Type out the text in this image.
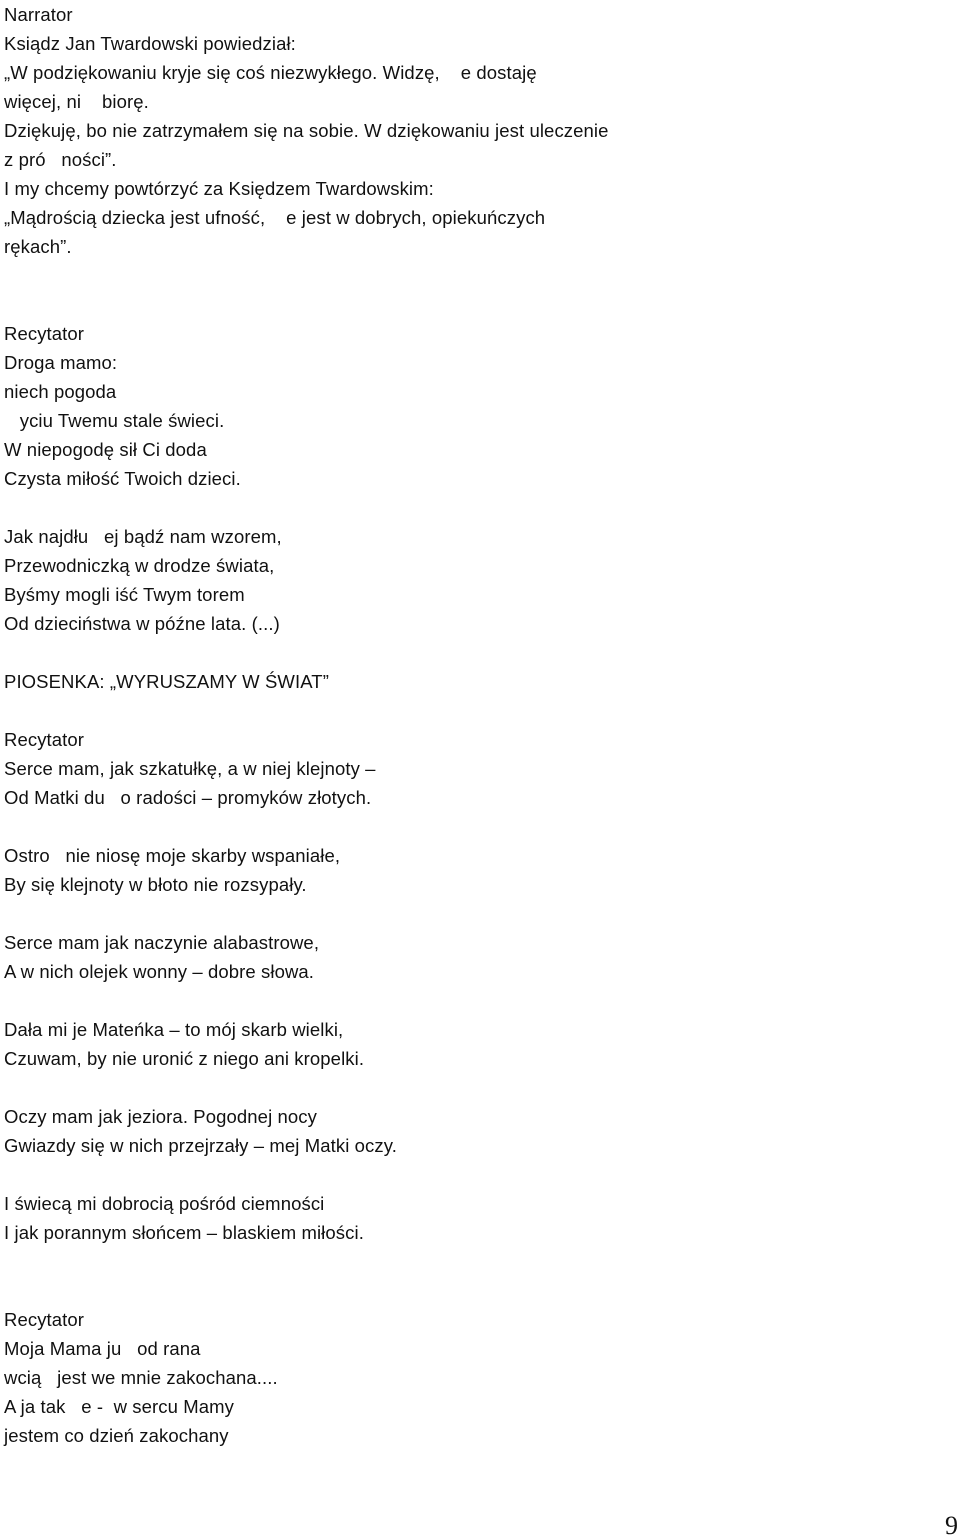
Narrator
Ksiądz Jan Twardowski powiedział:
„W podziękowaniu kryje się coś niezwykłego. Widzę,    e dostaję
więcej, ni    biorę.
Dziękuję, bo nie zatrzymałem się na sobie. W dziękowaniu jest uleczenie
z pró   ności”.
I my chcemy powtórzyć za Księdzem Twardowskim:
„Mądrością dziecka jest ufność,    e jest w dobrych, opiekuńczych
rękach”.
Recytator
Droga mamo:
niech pogoda
yciu Twemu stale świeci.
W niepogodę sił Ci doda
Czysta miłość Twoich dzieci.
Jak najdłu   ej bądź nam wzorem,
Przewodniczką w drodze świata,
Byśmy mogli iść Twym torem
Od dzieciństwa w późne lata. (...)
PIOSENKA: „WYRUSZAMY W ŚWIAT”
Recytator
Serce mam, jak szkatułkę, a w niej klejnoty –
Od Matki du   o radości – promyków złotych.
Ostro   nie niosę moje skarby wspaniałe,
By się klejnoty w błoto nie rozsypały.
Serce mam jak naczynie alabastrowe,
A w nich olejek wonny – dobre słowa.
Dała mi je Mateńka – to mój skarb wielki,
Czuwam, by nie uronić z niego ani kropelki.
Oczy mam jak jeziora. Pogodnej nocy
Gwiazdy się w nich przejrzały – mej Matki oczy.
I świecą mi dobrocią pośród ciemności
I jak porannym słońcem – blaskiem miłości.
Recytator
Moja Mama ju   od rana
wcią   jest we mnie zakochana....
A ja tak   e -  w sercu Mamy
jestem co dzień zakochany
9
